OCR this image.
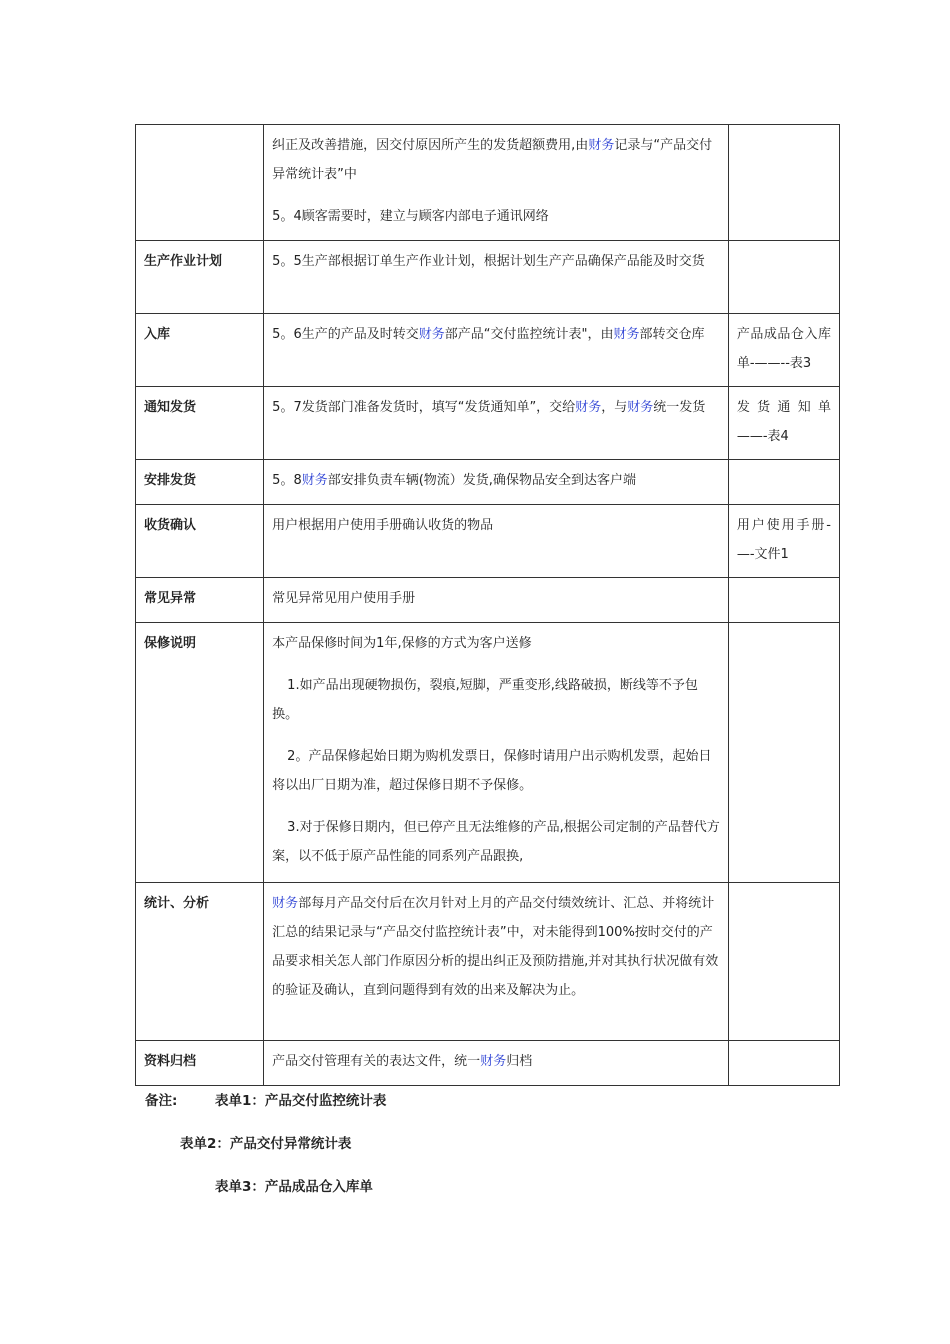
	纠正及改善措施，因交付原因所产生的发货超额费用,由财务记录与“产品交付异常统计表”中

5。4顾客需要时，建立与顾客内部电子通讯网络	

生产作业计划	5。5生产部根据订单生产作业计划，根据计划生产产品确保产品能及时交货	

入库	5。6生产的产品及时转交财务部产品“交付监控统计表"，由财务部转交仓库	产品成品仓入库单-——--表3
通知发货	5。7发货部门准备发货时，填写“发货通知单”，交给财务，与财务统一发货	发货通知单——-表4
安排发货	5。8财务部安排负责车辆(物流）发货,确保物品安全到达客户端	

收货确认	用户根据用户使用手册确认收货的物品	用户使用手册-—-文件1
常见异常	常见异常见用户使用手册	

保修说明	本产品保修时间为1年,保修的方式为客户送修

1.如产品出现硬物损伤，裂痕,短脚，严重变形,线路破损，断线等不予包换。

2。产品保修起始日期为购机发票日，保修时请用户出示购机发票，起始日将以出厂日期为准，超过保修日期不予保修。

3.对于保修日期内，但已停产且无法维修的产品,根据公司定制的产品替代方案，以不低于原产品性能的同系列产品跟换,	

统计、分析	财务部每月产品交付后在次月针对上月的产品交付绩效统计、汇总、并将统计汇总的结果记录与“产品交付监控统计表”中，对未能得到100%按时交付的产品要求相关怎人部门作原因分析的提出纠正及预防措施,并对其执行状况做有效的验证及确认，直到问题得到有效的出来及解决为止。	

资料归档	产品交付管理有关的表达文件，统一财务归档	

备注:	表单1：产品交付监控统计表
表单2：产品交付异常统计表
表单3：产品成品仓入库单
